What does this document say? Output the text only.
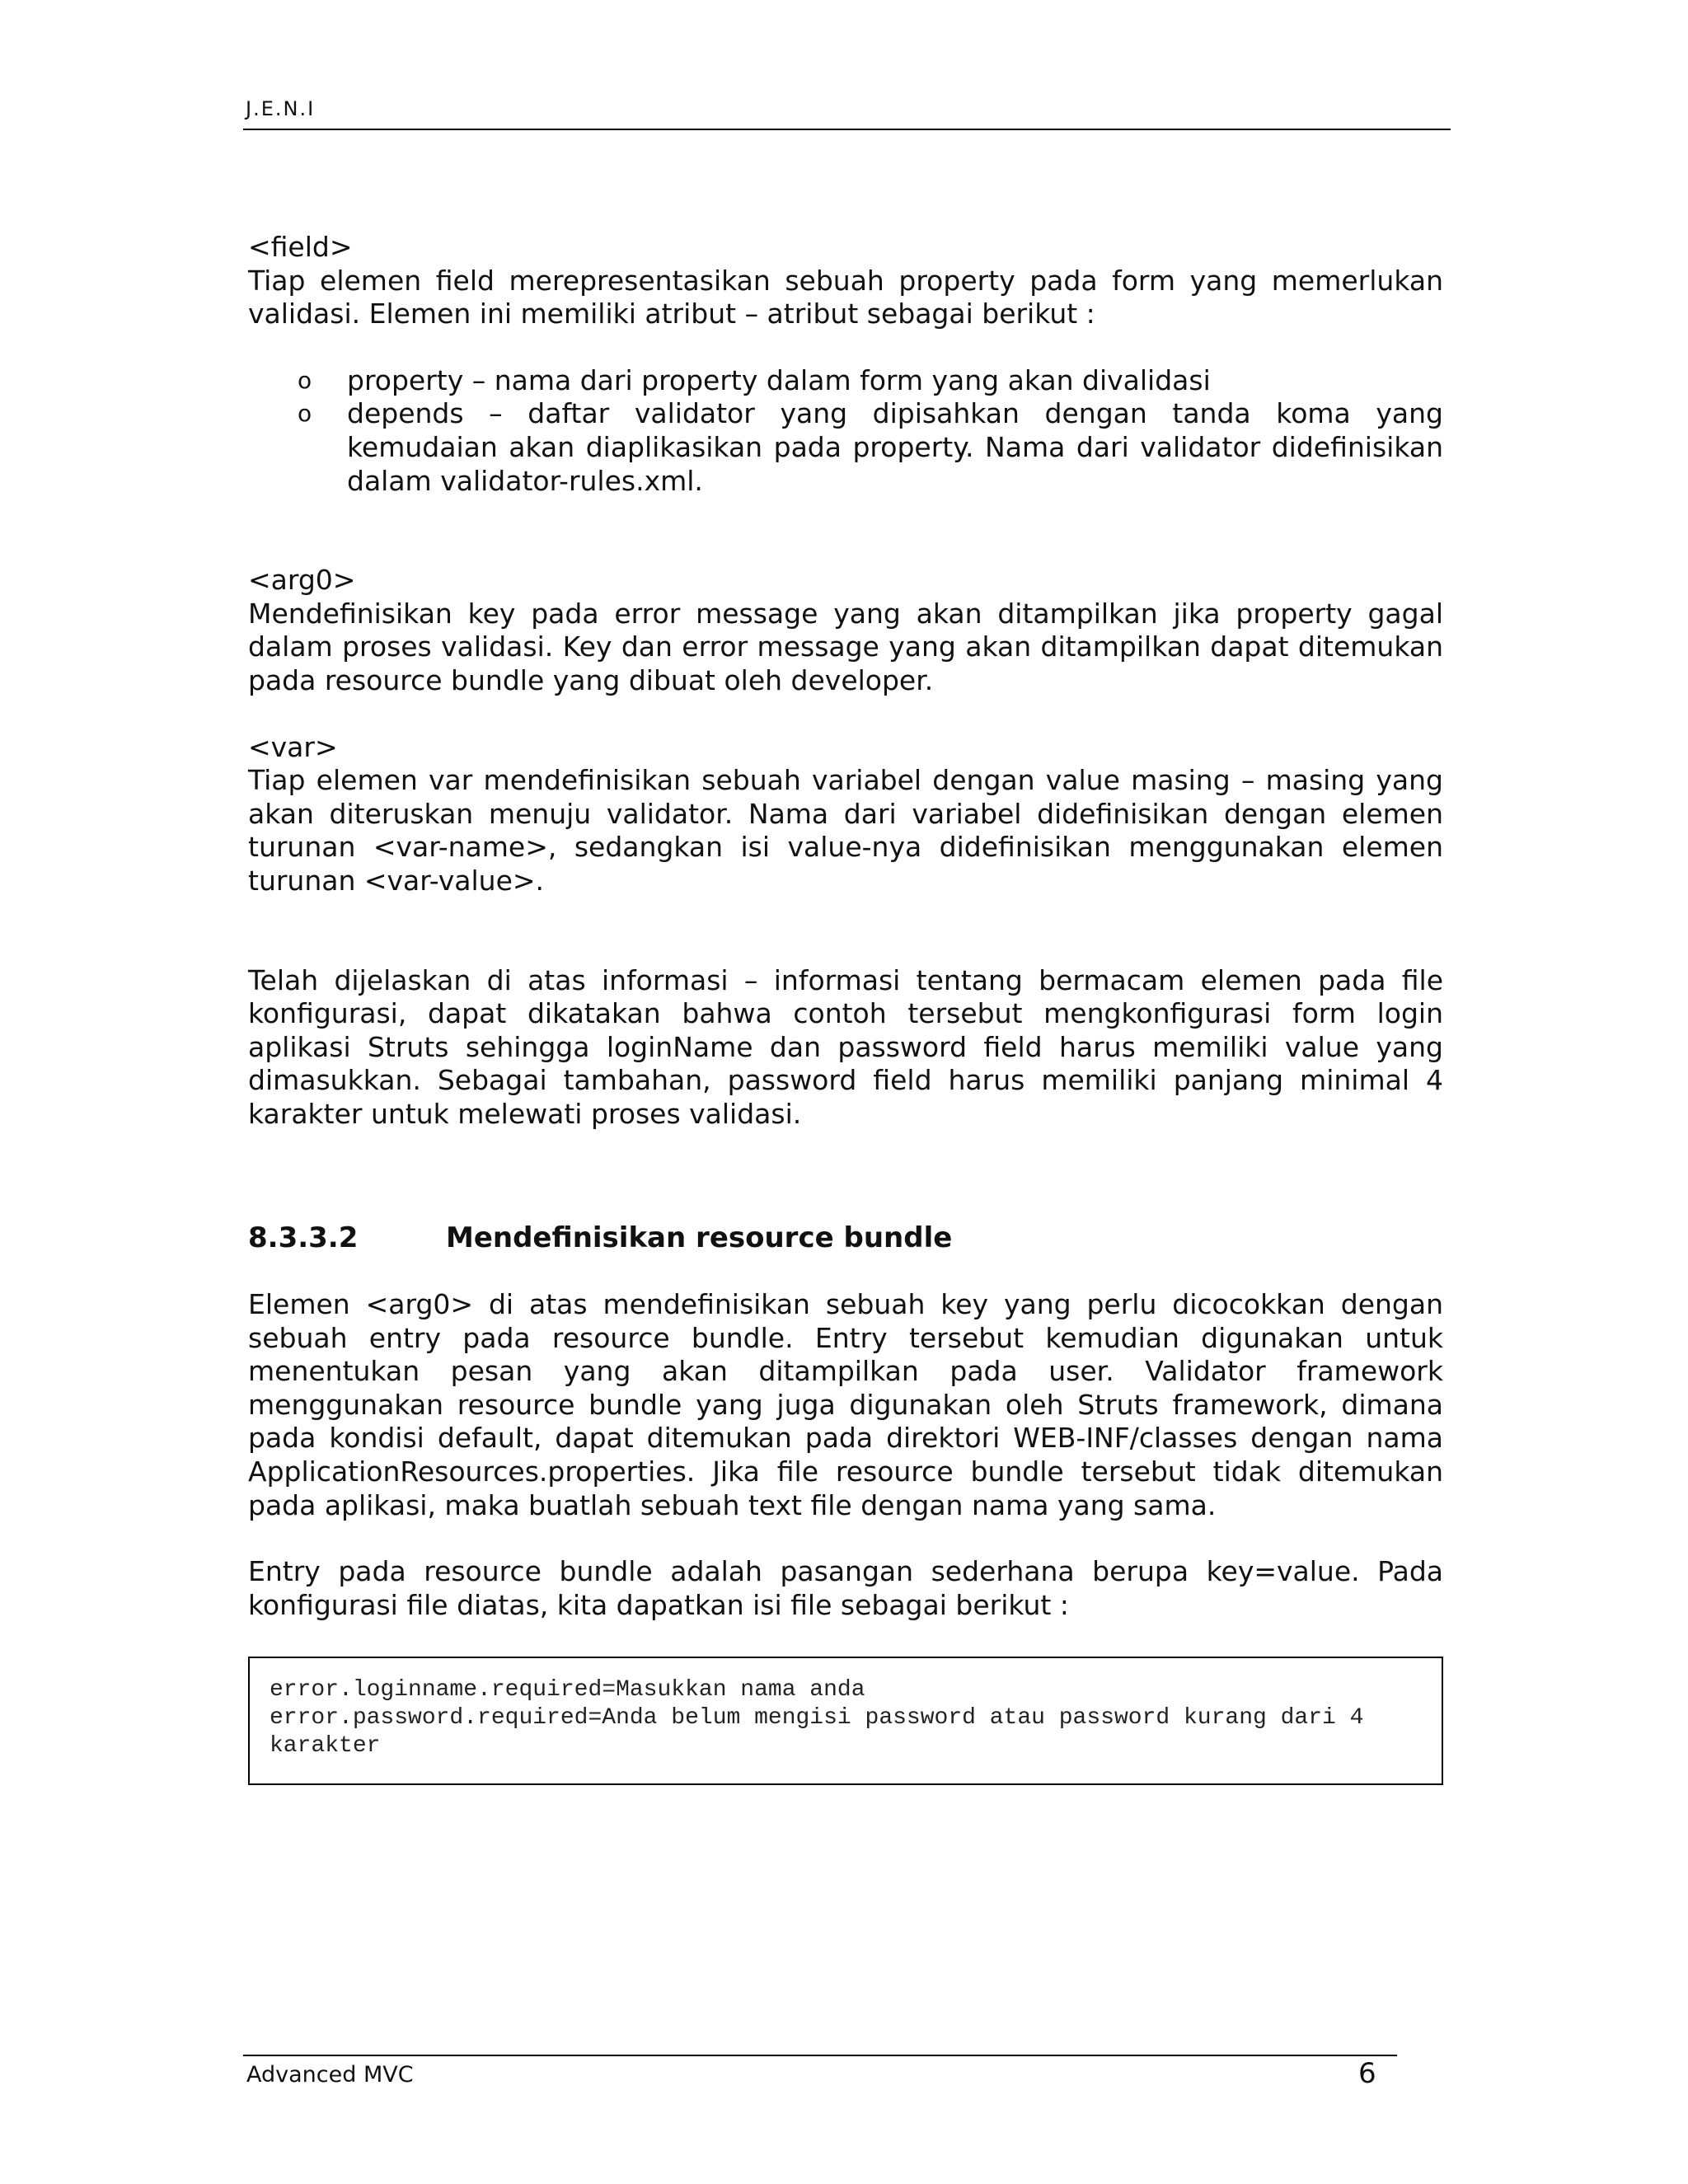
J.E.N.I

<field>

Tiap elemen field merepresentasikan sebuah property pada form yang memerlukan validasi. Elemen ini memiliki atribut – atribut sebagai berikut :

o property – nama dari property dalam form yang akan divalidasi
o depends – daftar validator yang dipisahkan dengan tanda koma yang kemudaian akan diaplikasikan pada property. Nama dari validator didefinisikan dalam validator-rules.xml.

<arg0>

Mendefinisikan key pada error message yang akan ditampilkan jika property gagal dalam proses validasi. Key dan error message yang akan ditampilkan dapat ditemukan pada resource bundle yang dibuat oleh developer.

<var>

Tiap elemen var mendefinisikan sebuah variabel dengan value masing – masing yang akan diteruskan menuju validator. Nama dari variabel didefinisikan dengan elemen turunan <var-name>, sedangkan isi value-nya didefinisikan menggunakan elemen turunan <var-value>.

Telah dijelaskan di atas informasi – informasi tentang bermacam elemen pada file konfigurasi, dapat dikatakan bahwa contoh tersebut mengkonfigurasi form login aplikasi Struts sehingga loginName dan password field harus memiliki value yang dimasukkan. Sebagai tambahan, password field harus memiliki panjang minimal 4 karakter untuk melewati proses validasi.

8.3.3.2	Mendefinisikan resource bundle

Elemen <arg0> di atas mendefinisikan sebuah key yang perlu dicocokkan dengan sebuah entry pada resource bundle. Entry tersebut kemudian digunakan untuk menentukan pesan yang akan ditampilkan pada user. Validator framework menggunakan resource bundle yang juga digunakan oleh Struts framework, dimana pada kondisi default, dapat ditemukan pada direktori WEB-INF/classes dengan nama ApplicationResources.properties. Jika file resource bundle tersebut tidak ditemukan pada aplikasi, maka buatlah sebuah text file dengan nama yang sama.

Entry pada resource bundle adalah pasangan sederhana berupa key=value. Pada konfigurasi file diatas, kita dapatkan isi file sebagai berikut :

error.loginname.required=Masukkan nama anda
error.password.required=Anda belum mengisi password atau password kurang dari 4 karakter
Advanced MVC	6
